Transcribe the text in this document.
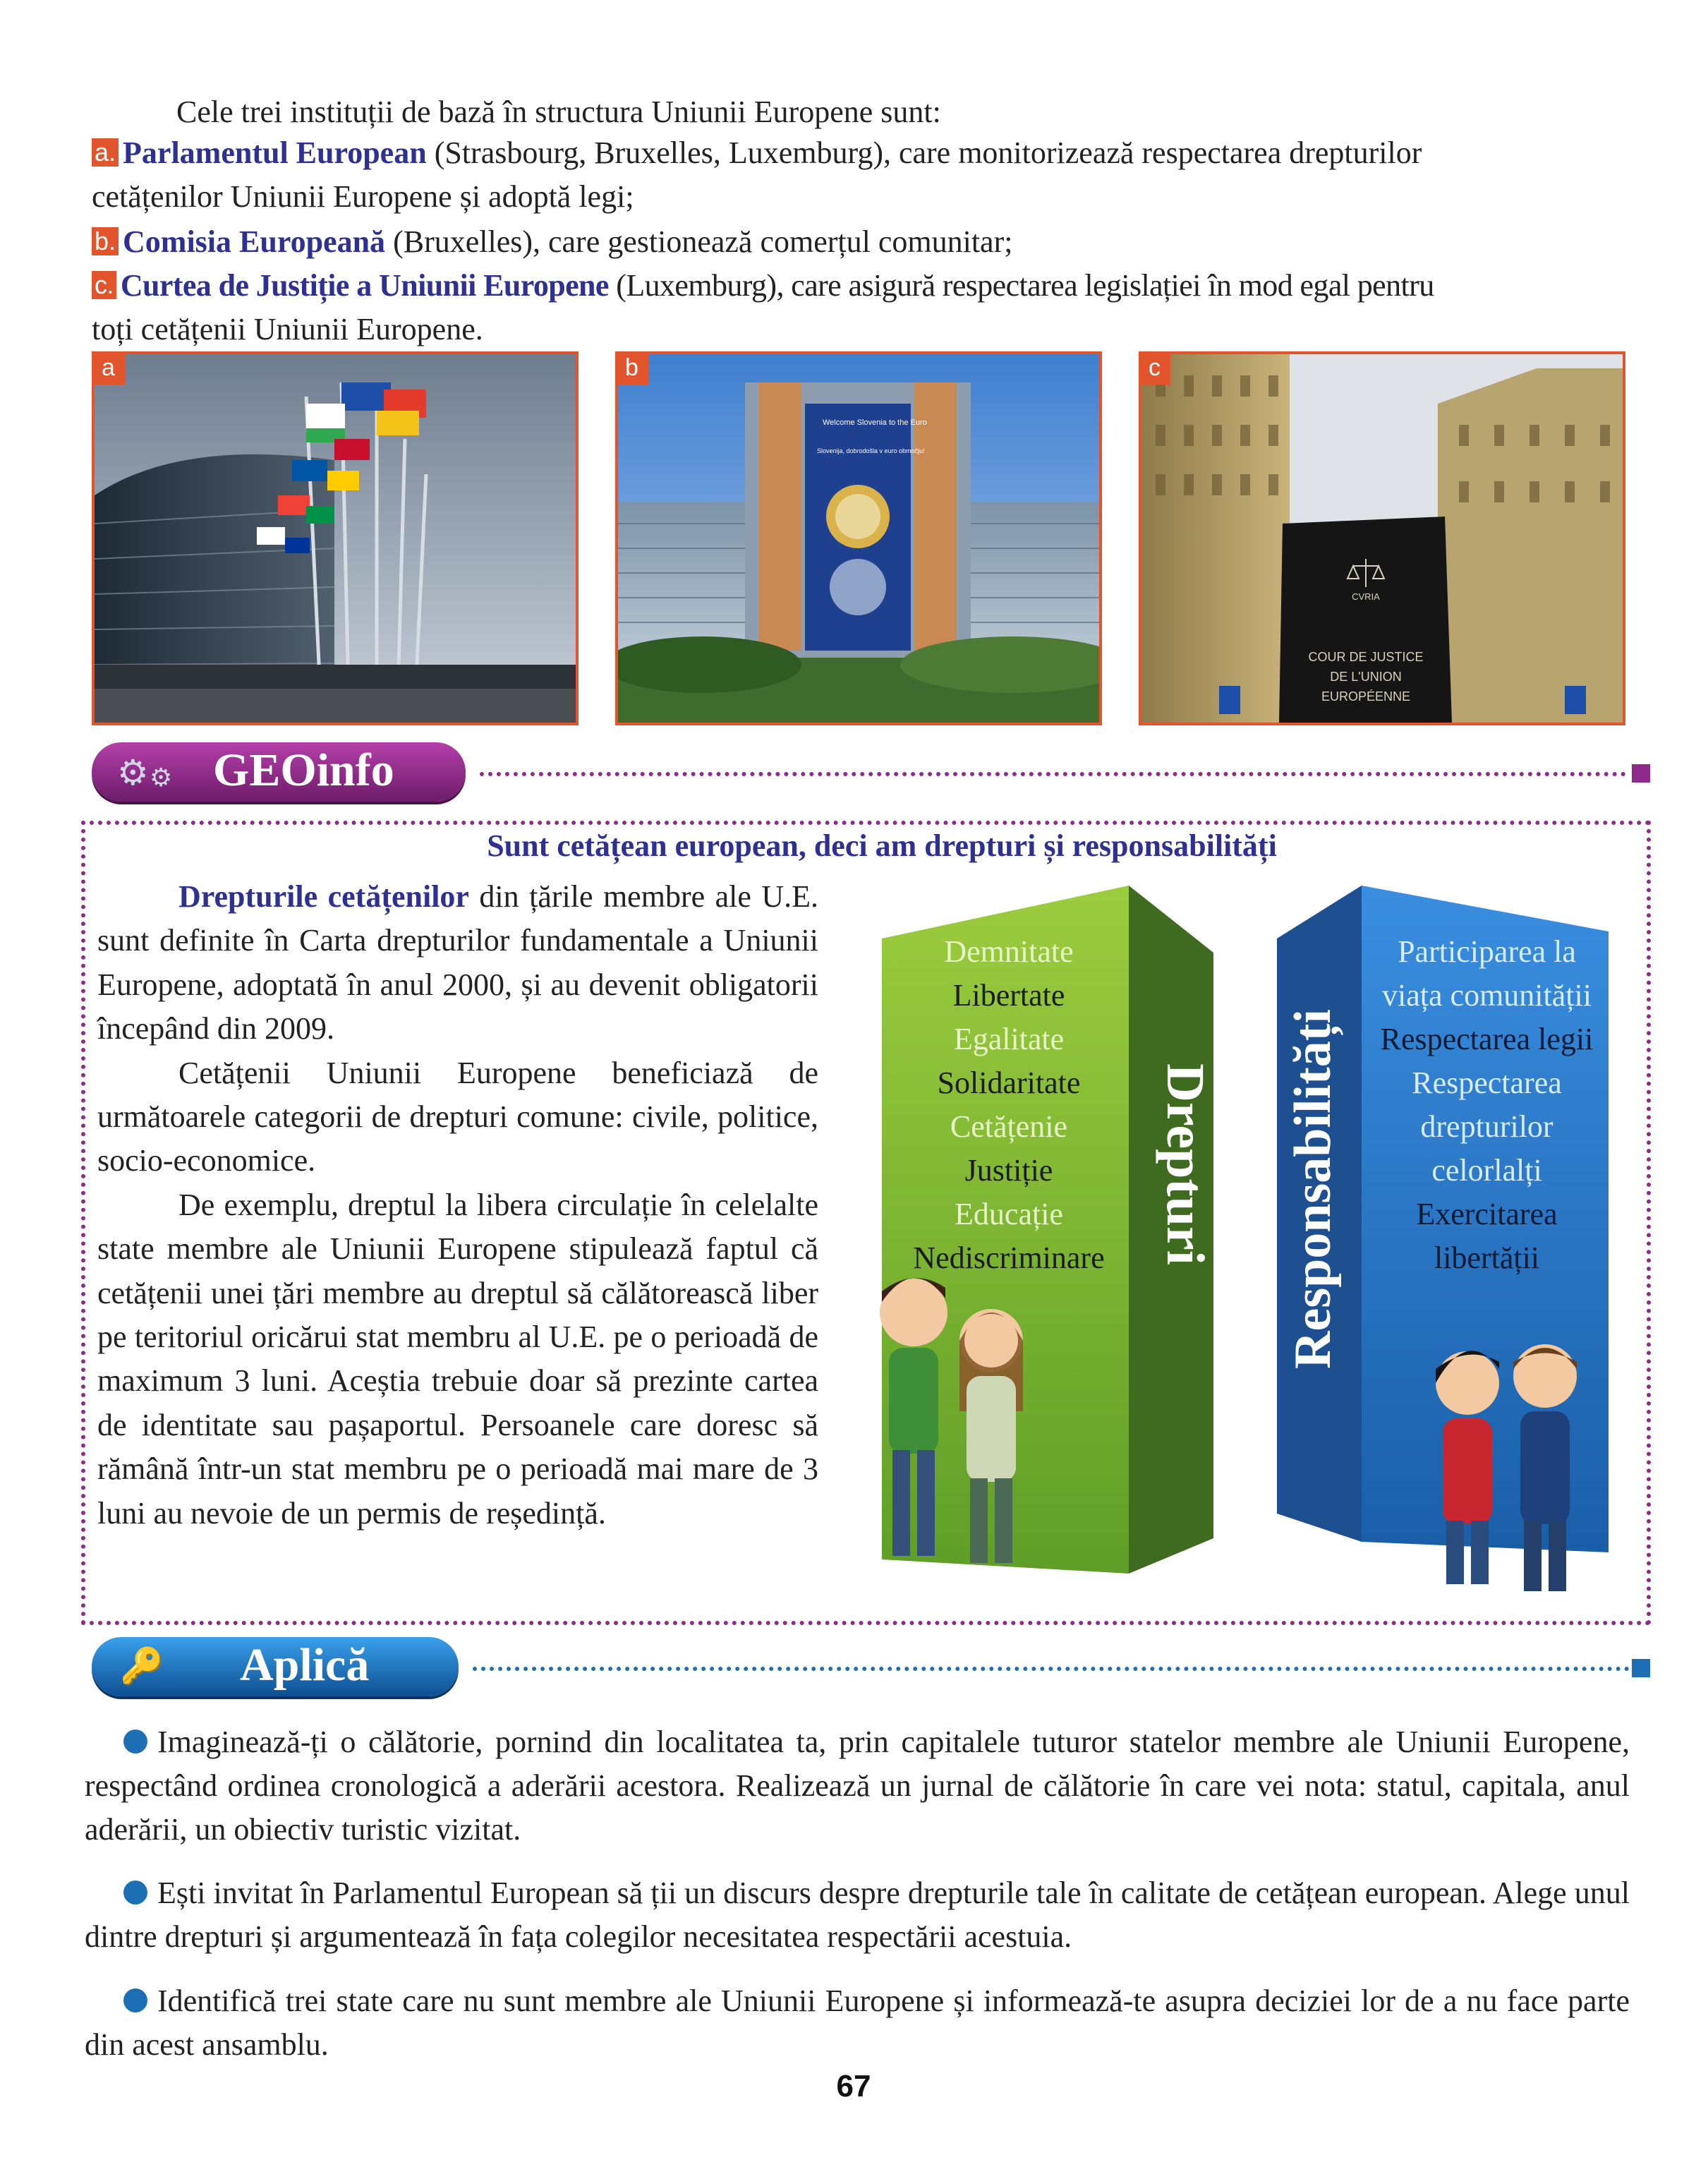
Cele trei instituții de bază în structura Uniunii Europene sunt:
a. Parlamentul European (Strasbourg, Bruxelles, Luxemburg), care monitorizează respectarea drepturilor
cetățenilor Uniunii Europene și adoptă legi;
b. Comisia Europeană (Bruxelles), care gestionează comerțul comunitar;
c. Curtea de Justiție a Uniunii Europene (Luxemburg), care asigură respectarea legislației în mod egal pentru
toți cetățenii Uniunii Europene.
a
Welcome Slovenia to the Euro
Slovenija, dobrodošla v euro območju!
b
CVRIA
COUR DE JUSTICE
DE L'UNION
EUROPÉENNE
c
⚙ ⚙ GEOinfo
Sunt cetățean european, deci am drepturi și responsabilități

Drepturile cetățenilor din țările membre ale U.E. sunt definite în Carta drepturilor fundamentale a Uniunii Europene, adoptată în anul 2000, și au devenit obligatorii începând din 2009.

Cetățenii Uniunii Europene beneficiază de următoarele categorii de drepturi comune: civile, politice, socio-economice.

De exemplu, dreptul la libera circulație în celelalte state membre ale Uniunii Europene stipulează faptul că cetățenii unei țări membre au dreptul să călătorească liber pe teritoriul oricărui stat membru al U.E. pe o perioadă de maximum 3 luni. Aceștia trebuie doar să prezinte cartea de identitate sau pașaportul. Persoanele care doresc să rămână într-un stat membru pe o perioadă mai mare de 3 luni au nevoie de un permis de reședință.

Demnitate
Libertate
Egalitate
Solidaritate
Cetățenie
Justiție
Educație
Nediscriminare Drepturi Responsabilități
Participarea la
viața comunității
Respectarea legii
Respectarea
drepturilor
celorlalți
Exercitarea
libertății
🔑 Aplică
Imaginează-ți o călătorie, pornind din localitatea ta, prin capitalele tuturor statelor membre ale Uniunii Europene, respectând ordinea cronologică a aderării acestora. Realizează un jurnal de călătorie în care vei nota: statul, capitala, anul aderării, un obiectiv turistic vizitat.
Ești invitat în Parlamentul European să ții un discurs despre drepturile tale în calitate de cetățean european. Alege unul dintre drepturi și argumentează în fața colegilor necesitatea respectării acestuia.
Identifică trei state care nu sunt membre ale Uniunii Europene și informează-te asupra deciziei lor de a nu face parte din acest ansamblu.
67
